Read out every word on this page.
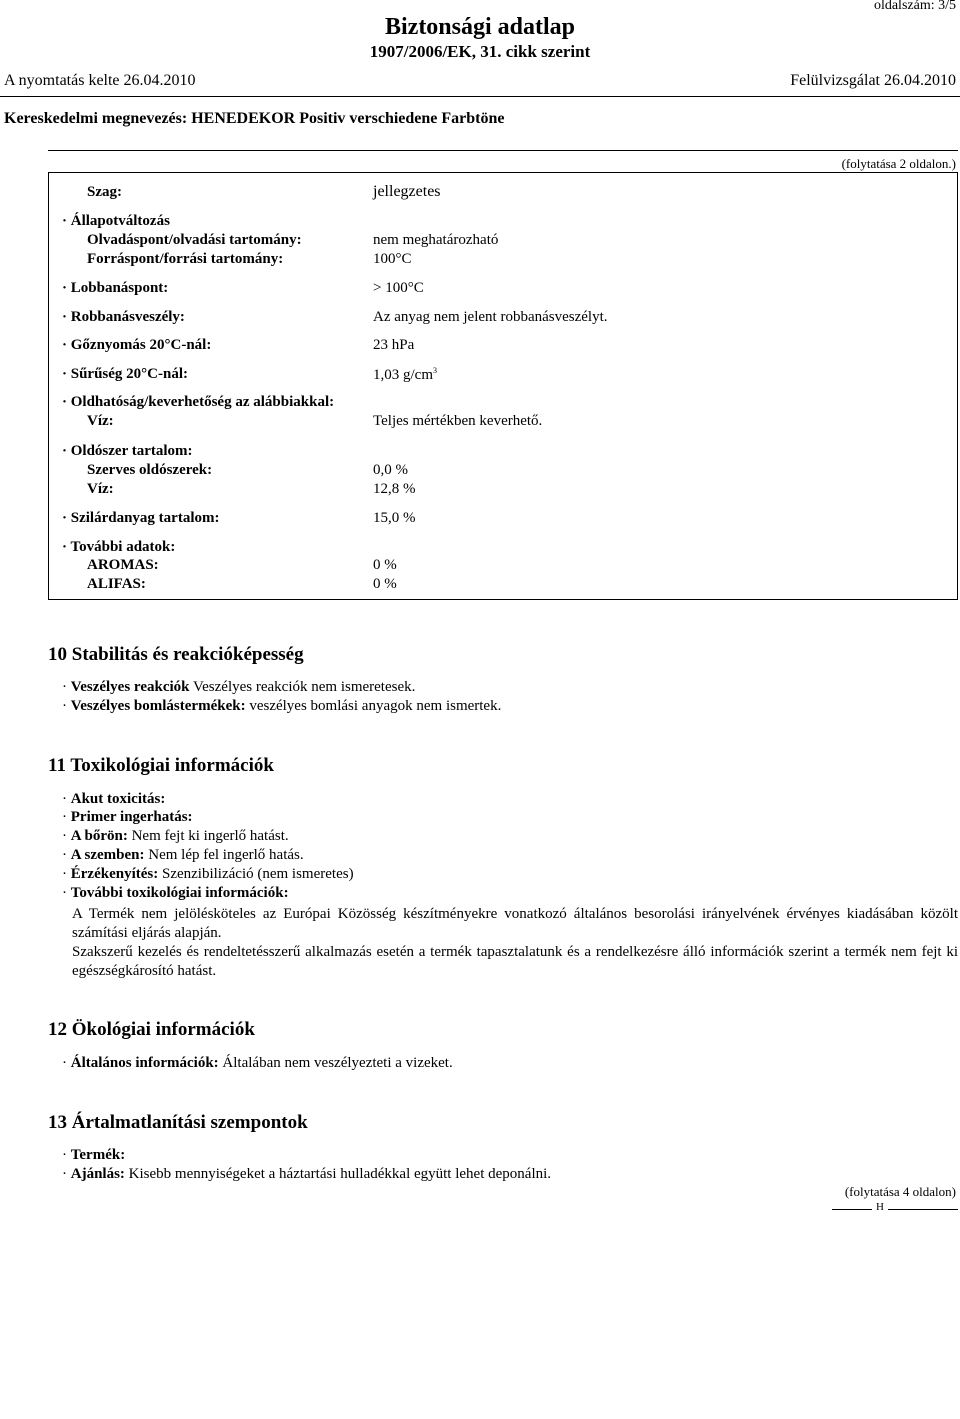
oldalszám: 3/5
Biztonsági adatlap
1907/2006/EK, 31. cikk szerint
A nyomtatás kelte 26.04.2010	Felülvizsgálat 26.04.2010
Kereskedelmi megnevezés: HENEDEKOR Positiv verschiedene Farbtöne
(folytatása 2 oldalon.)
Szag:	jellegzetes
· Állapotváltozás
Olvadáspont/olvadási tartomány:	nem meghatározható
Forráspont/forrási tartomány:	100°C
· Lobbanáspont:	> 100°C
· Robbanásveszély:	Az anyag nem jelent robbanásveszélyt.
· Gőznyomás 20°C-nál:	23 hPa
· Sűrűség 20°C-nál:	1,03 $g/cm^3$
· Oldhatóság/keverhetőség az alábbiakkal:
Víz:	Teljes mértékben keverhető.
· Oldószer tartalom:
Szerves oldószerek:	0,0 %
Víz:	12,8 %
· Szilárdanyag tartalom:	15,0 %
· További adatok:
AROMAS:	0 %
ALIFAS:	0 %
10 Stabilitás és reakcióképesség
· Veszélyes reakciók Veszélyes reakciók nem ismeretesek.
· Veszélyes bomlástermékek: veszélyes bomlási anyagok nem ismertek.
11 Toxikológiai információk
· Akut toxicitás:
· Primer ingerhatás:
· A bőrön: Nem fejt ki ingerlő hatást.
· A szemben: Nem lép fel ingerlő hatás.
· Érzékenyítés: Szenzibilizáció (nem ismeretes)
· További toxikológiai információk:
A Termék nem jelölésköteles az Európai Közösség készítményekre vonatkozó általános besorolási irányelvének érvényes kiadásában közölt számítási eljárás alapján.
Szakszerű kezelés és rendeltetésszerű alkalmazás esetén a termék tapasztalatunk és a rendelkezésre álló információk szerint a termék nem fejt ki egészségkárosító hatást.
12 Ökológiai információk
· Általános információk: Általában nem veszélyezteti a vizeket.
13 Ártalmatlanítási szempontok
· Termék:
· Ajánlás: Kisebb mennyiségeket a háztartási hulladékkal együtt lehet deponálni.
(folytatása 4 oldalon)
H
